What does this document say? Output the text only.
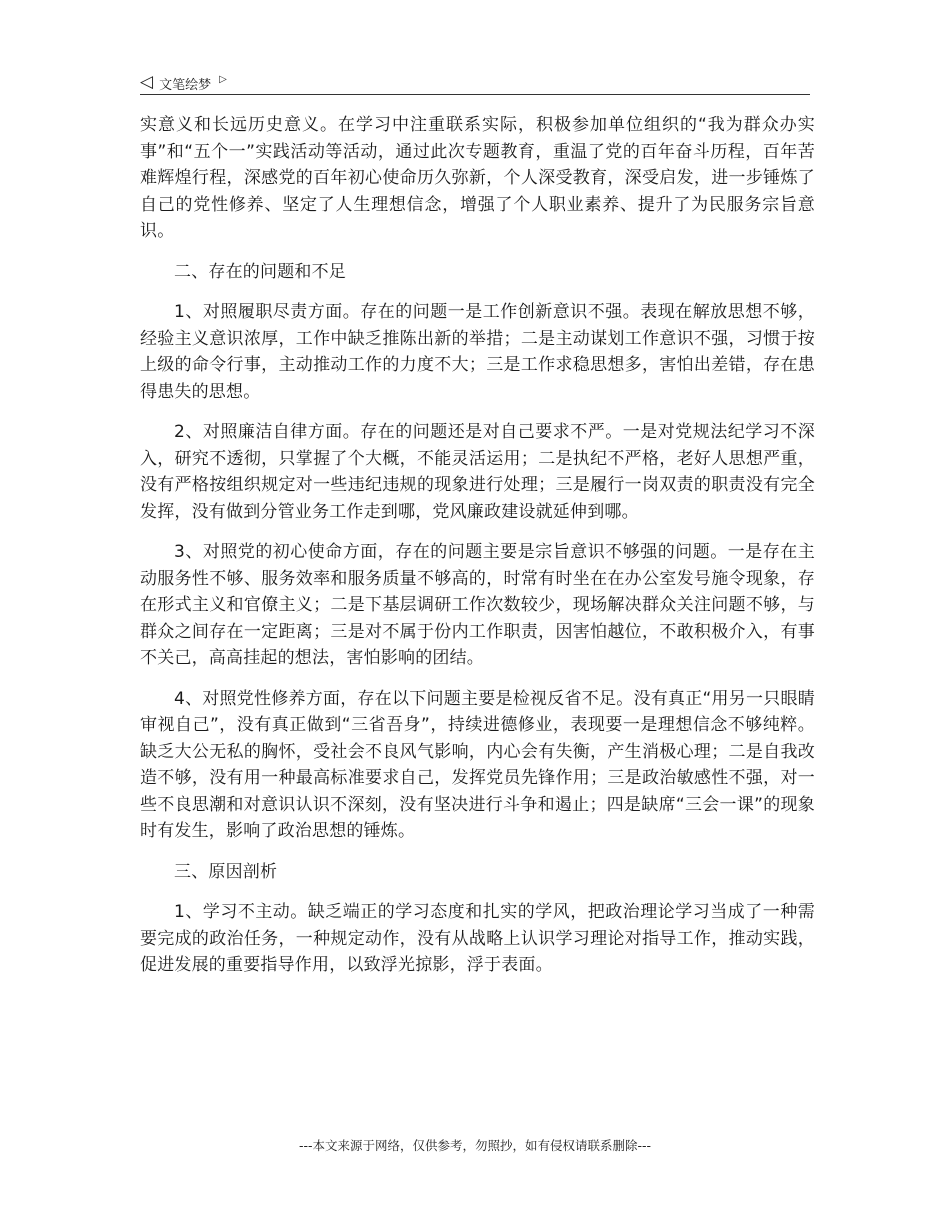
◁ 文笔绘梦 ▷

实意义和长远历史意义。在学习中注重联系实际，积极参加单位组织的“我为群众办实事”和“五个一”实践活动等活动，通过此次专题教育，重温了党的百年奋斗历程，百年苦难辉煌行程，深感党的百年初心使命历久弥新，个人深受教育，深受启发，进一步锤炼了自己的党性修养、坚定了人生理想信念，增强了个人职业素养、提升了为民服务宗旨意识。

二、存在的问题和不足

1、对照履职尽责方面。存在的问题一是工作创新意识不强。表现在解放思想不够，经验主义意识浓厚，工作中缺乏推陈出新的举措；二是主动谋划工作意识不强，习惯于按上级的命令行事，主动推动工作的力度不大；三是工作求稳思想多，害怕出差错，存在患得患失的思想。

2、对照廉洁自律方面。存在的问题还是对自己要求不严。一是对党规法纪学习不深入，研究不透彻，只掌握了个大概，不能灵活运用；二是执纪不严格，老好人思想严重，没有严格按组织规定对一些违纪违规的现象进行处理；三是履行一岗双责的职责没有完全发挥，没有做到分管业务工作走到哪，党风廉政建设就延伸到哪。

3、对照党的初心使命方面，存在的问题主要是宗旨意识不够强的问题。一是存在主动服务性不够、服务效率和服务质量不够高的，时常有时坐在在办公室发号施令现象，存在形式主义和官僚主义；二是下基层调研工作次数较少，现场解决群众关注问题不够，与群众之间存在一定距离；三是对不属于份内工作职责，因害怕越位，不敢积极介入，有事不关己，高高挂起的想法，害怕影响的团结。

4、对照党性修养方面，存在以下问题主要是检视反省不足。没有真正“用另一只眼睛审视自己”，没有真正做到“三省吾身”，持续进德修业，表现要一是理想信念不够纯粹。缺乏大公无私的胸怀，受社会不良风气影响，内心会有失衡，产生消极心理；二是自我改造不够，没有用一种最高标准要求自己，发挥党员先锋作用；三是政治敏感性不强，对一些不良思潮和对意识认识不深刻，没有坚决进行斗争和遏止；四是缺席“三会一课”的现象时有发生，影响了政治思想的锤炼。

三、原因剖析

1、学习不主动。缺乏端正的学习态度和扎实的学风，把政治理论学习当成了一种需要完成的政治任务，一种规定动作，没有从战略上认识学习理论对指导工作，推动实践，促进发展的重要指导作用，以致浮光掠影，浮于表面。

---本文来源于网络，仅供参考，勿照抄，如有侵权请联系删除---
